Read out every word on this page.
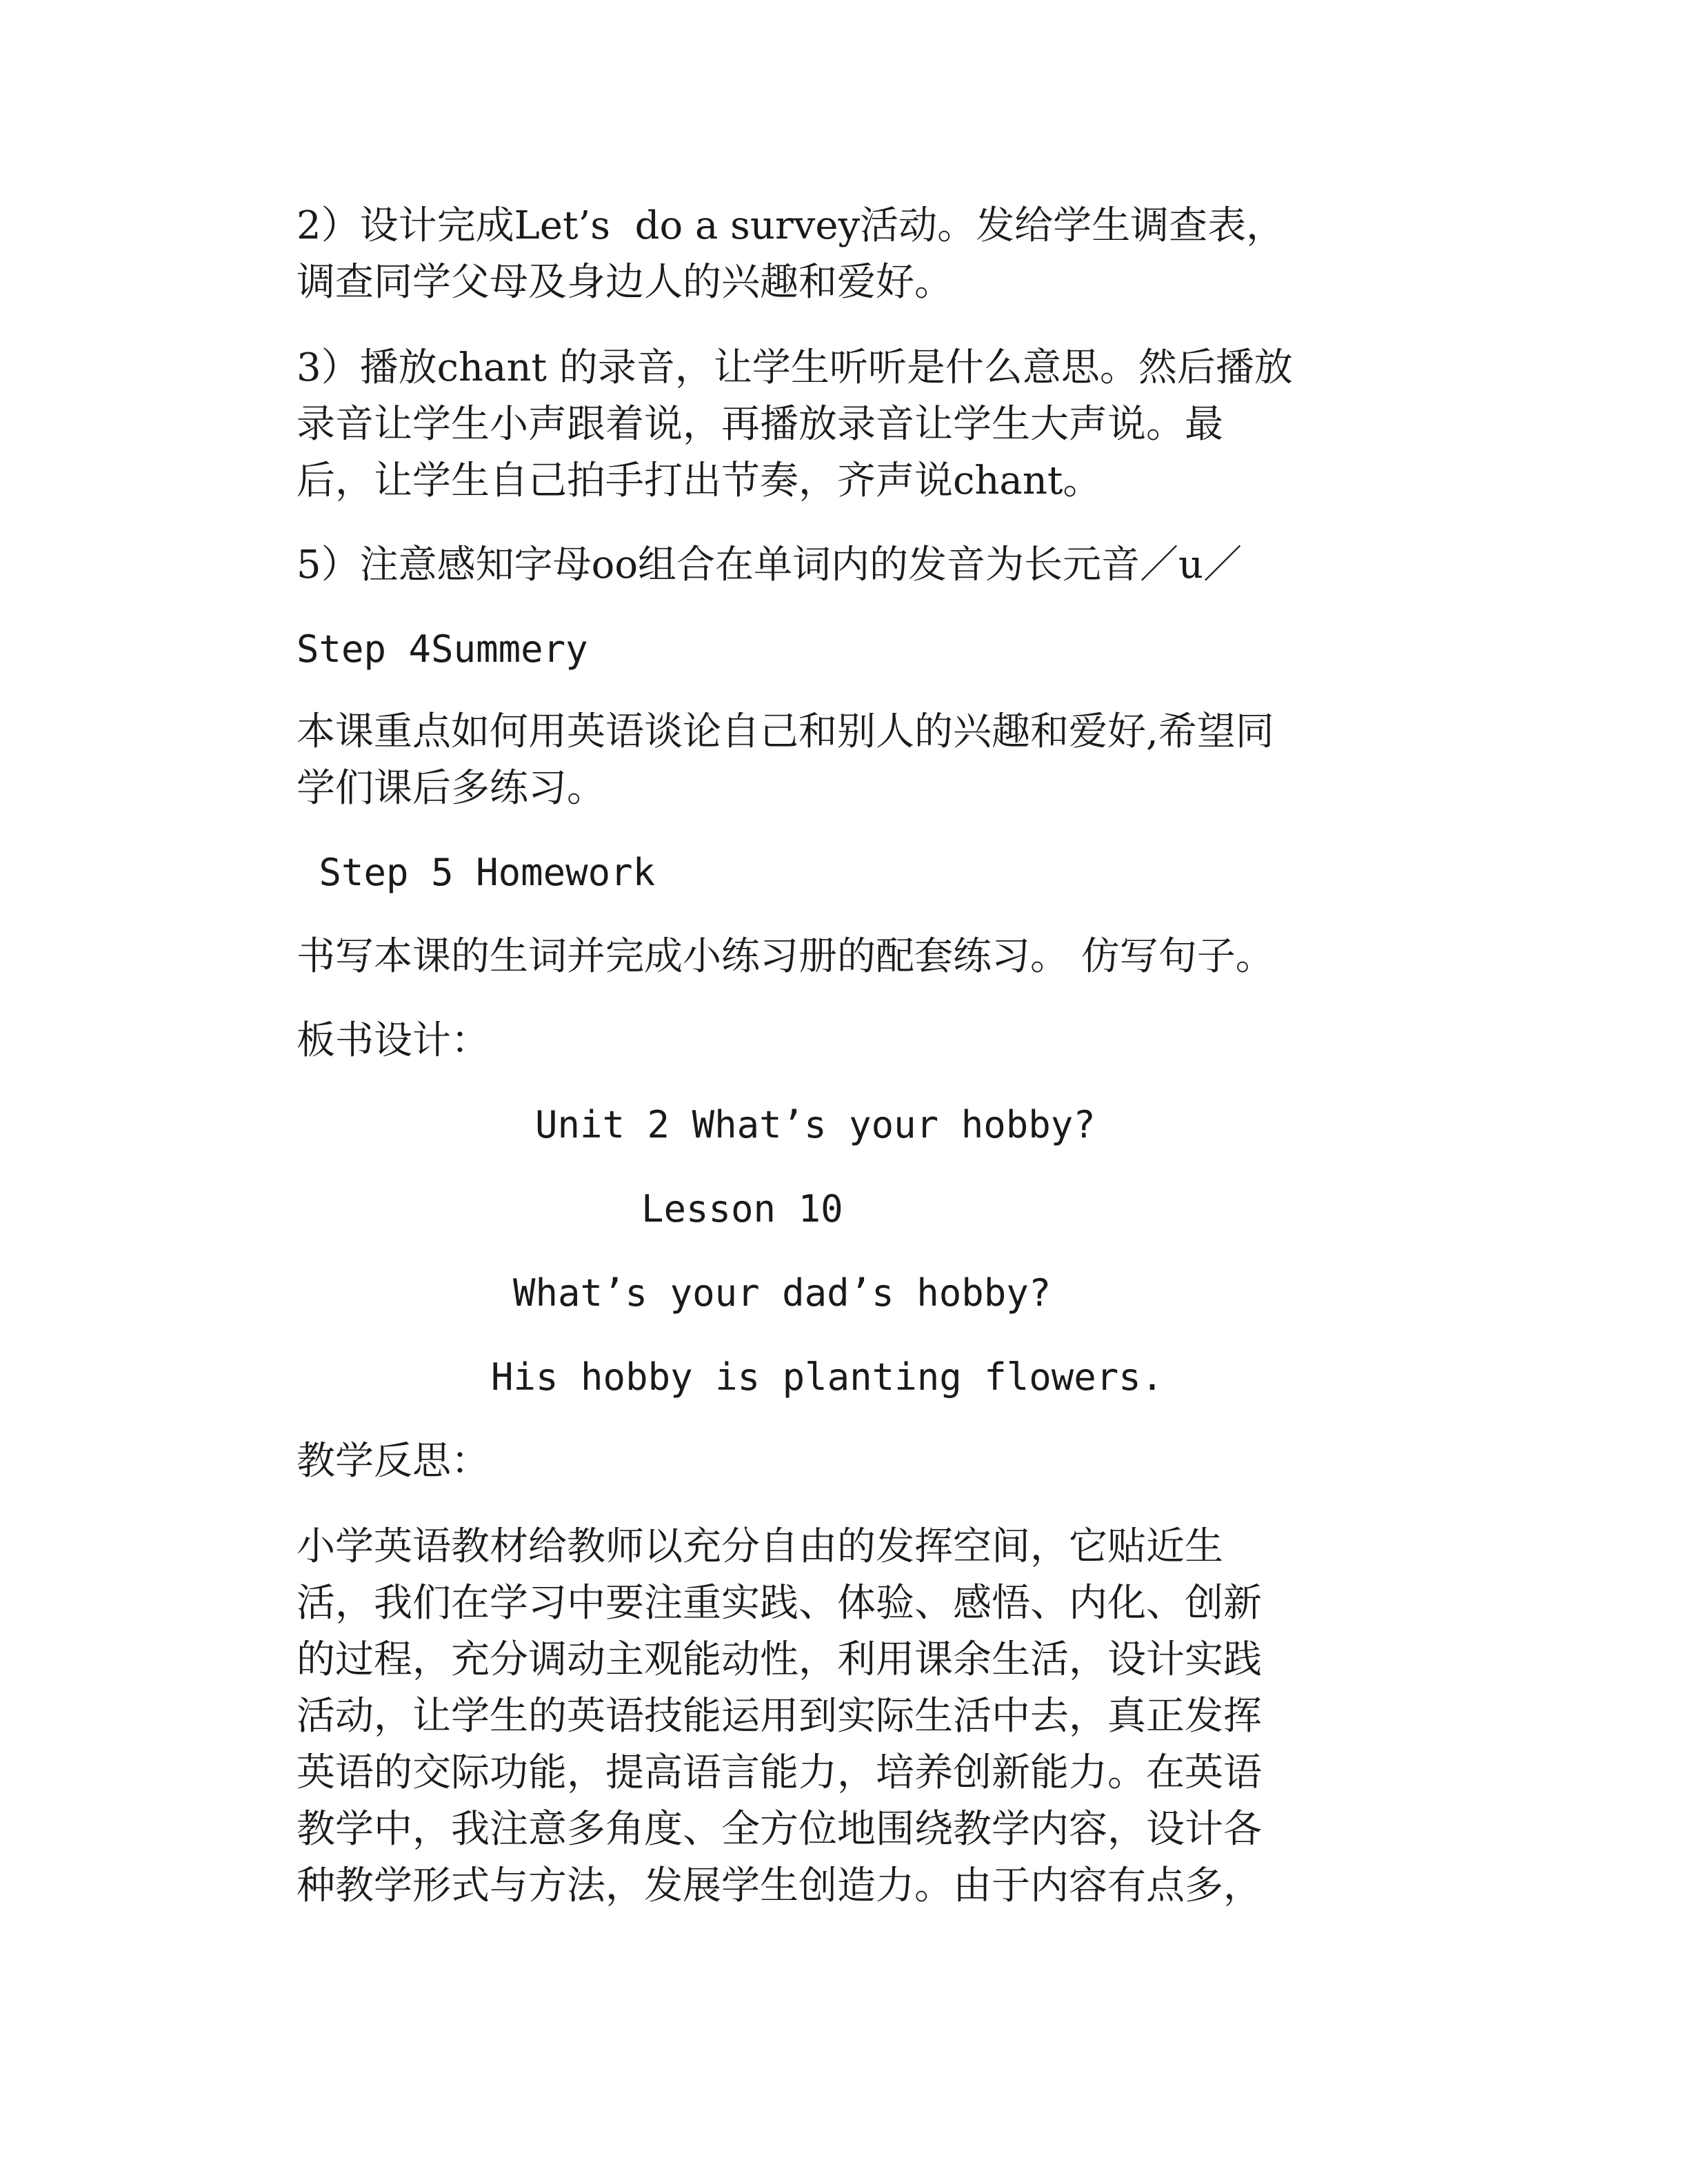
2）设计完成Let’s  do a survey活动。发给学生调查表，

调查同学父母及身边人的兴趣和爱好。

3）播放chant 的录音，让学生听听是什么意思。然后播放

录音让学生小声跟着说，再播放录音让学生大声说。最

后，让学生自己拍手打出节奏，齐声说chant。

5）注意感知字母oo组合在单词内的发音为长元音／u／

Step 4Summery

本课重点如何用英语谈论自己和别人的兴趣和爱好,希望同

学们课后多练习。

Step 5 Homework

书写本课的生词并完成小练习册的配套练习。 仿写句子。

板书设计：

Unit 2 What’s your hobby?

Lesson 10

What’s your dad’s hobby?

His hobby is planting flowers.

教学反思：

小学英语教材给教师以充分自由的发挥空间，它贴近生

活，我们在学习中要注重实践、体验、感悟、内化、创新

的过程，充分调动主观能动性，利用课余生活，设计实践

活动，让学生的英语技能运用到实际生活中去，真正发挥

英语的交际功能，提高语言能力，培养创新能力。在英语

教学中，我注意多角度、全方位地围绕教学内容，设计各

种教学形式与方法，发展学生创造力。由于内容有点多，
